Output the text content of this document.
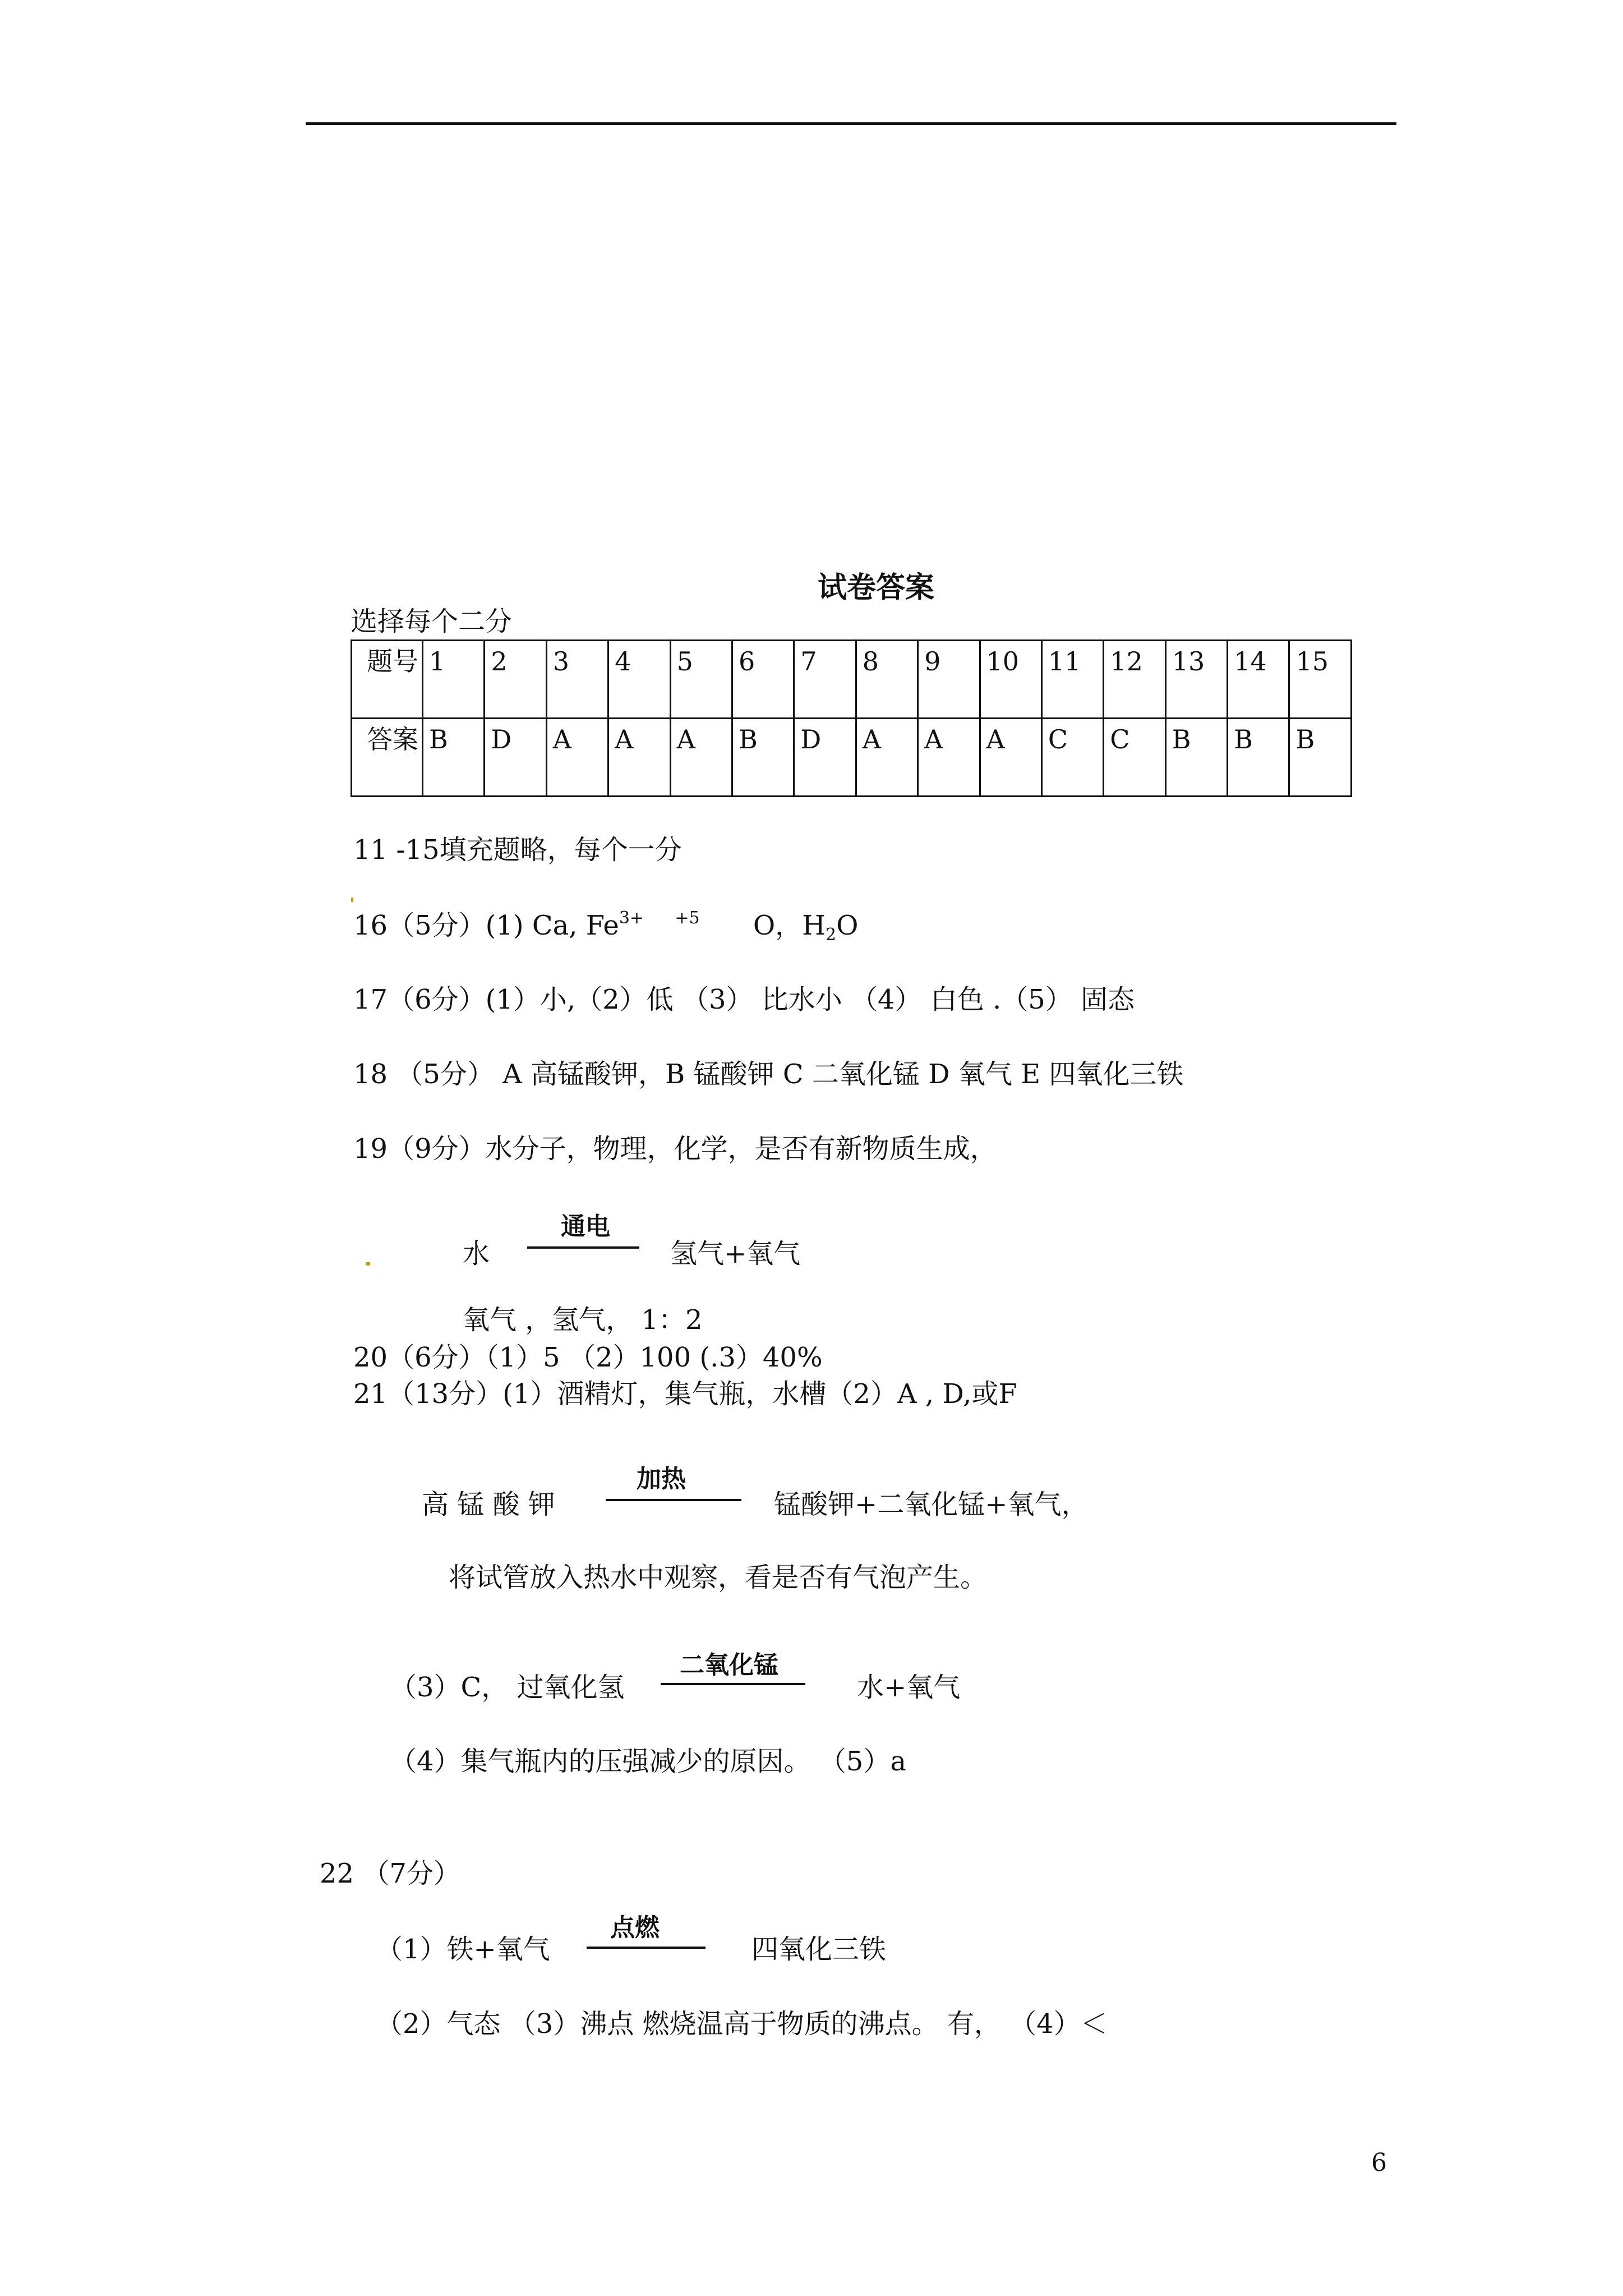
试卷答案
选择每个二分
题号	1	2	3	4	5	6	7	8	9	10	11	12	13	14	15
答案	B	D	A	A	A	B	D	A	A	A	C	C	B	B	B
11 -15填充题略，每个一分
16（5分）(1) Ca, $Fe^{3+}$ $^{+5}$ O，$H_2O$
17（6分）(1）小,（2）低 （3） 比水小 （4） 白色 .（5） 固态
18 （5分） A 高锰酸钾，B 锰酸钾 C 二氧化锰 D 氧气 E 四氧化三铁
19（9分）水分子，物理，化学，是否有新物质生成，
水
通电
氢气+氧气
氧气 ，氢气， 1：2
20（6分）（1）5 （2）100 (.3）40%
21（13分）(1）酒精灯，集气瓶，水槽（2）A , D,或F
高 锰 酸 钾
加热
锰酸钾+二氧化锰+氧气，
将试管放入热水中观察，看是否有气泡产生。
（3）C， 过氧化氢
二氧化锰
水+氧气
（4）集气瓶内的压强减少的原因。 （5）a
22 （7分）
（1）铁+氧气
点燃
四氧化三铁
（2）气态 （3）沸点 燃烧温高于物质的沸点。 有， （4）＜
6
